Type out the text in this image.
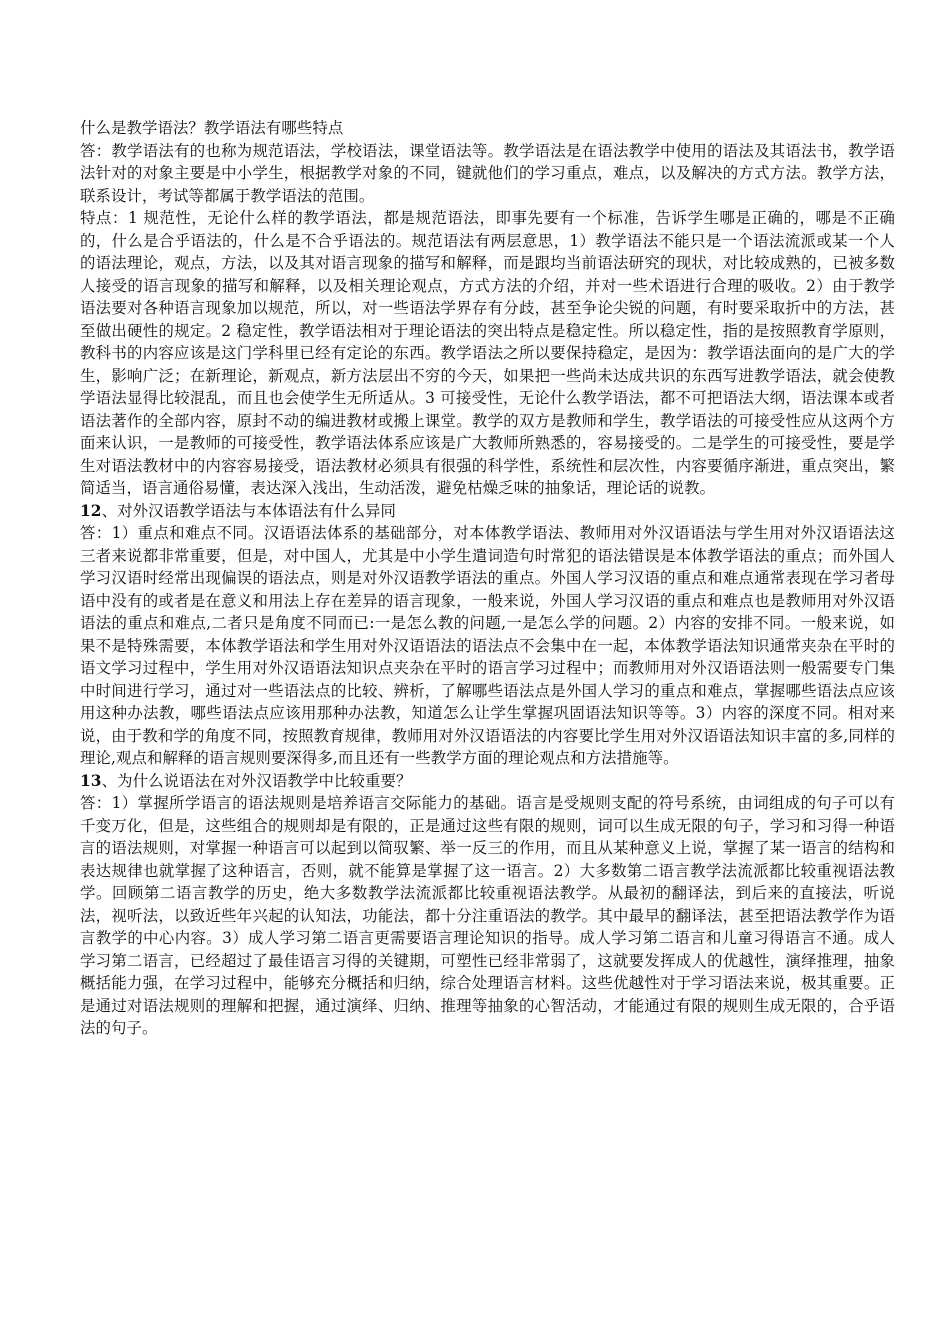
什么是教学语法？教学语法有哪些特点

答：教学语法有的也称为规范语法，学校语法，课堂语法等。教学语法是在语法教学中使用的语法及其语法书，教学语法针对的对象主要是中小学生，根据教学对象的不同，键就他们的学习重点，难点，以及解决的方式方法。教学方法，联系设计，考试等都属于教学语法的范围。

特点：1 规范性，无论什么样的教学语法，都是规范语法，即事先要有一个标准，告诉学生哪是正确的，哪是不正确的，什么是合乎语法的，什么是不合乎语法的。规范语法有两层意思，1）教学语法不能只是一个语法流派或某一个人的语法理论，观点，方法，以及其对语言现象的描写和解释，而是跟均当前语法研究的现状，对比较成熟的，已被多数人接受的语言现象的描写和解释，以及相关理论观点，方式方法的介绍，并对一些术语进行合理的吸收。2）由于教学语法要对各种语言现象加以规范，所以，对一些语法学界存有分歧，甚至争论尖锐的问题，有时要采取折中的方法，甚至做出硬性的规定。2 稳定性，教学语法相对于理论语法的突出特点是稳定性。所以稳定性，指的是按照教育学原则，教科书的内容应该是这门学科里已经有定论的东西。教学语法之所以要保持稳定，是因为：教学语法面向的是广大的学生，影响广泛；在新理论，新观点，新方法层出不穷的今天，如果把一些尚未达成共识的东西写进教学语法，就会使教学语法显得比较混乱，而且也会使学生无所适从。3 可接受性，无论什么教学语法，都不可把语法大纲，语法课本或者语法著作的全部内容，原封不动的编进教材或搬上课堂。教学的双方是教师和学生，教学语法的可接受性应从这两个方面来认识，一是教师的可接受性，教学语法体系应该是广大教师所熟悉的，容易接受的。二是学生的可接受性，要是学生对语法教材中的内容容易接受，语法教材必须具有很强的科学性，系统性和层次性，内容要循序渐进，重点突出，繁简适当，语言通俗易懂，表达深入浅出，生动活泼，避免枯燥乏味的抽象话，理论话的说教。

12、对外汉语教学语法与本体语法有什么异同

答：1）重点和难点不同。汉语语法体系的基础部分，对本体教学语法、教师用对外汉语语法与学生用对外汉语语法这三者来说都非常重要，但是，对中国人，尤其是中小学生遣词造句时常犯的语法错误是本体教学语法的重点；而外国人学习汉语时经常出现偏误的语法点，则是对外汉语教学语法的重点。外国人学习汉语的重点和难点通常表现在学习者母语中没有的或者是在意义和用法上存在差异的语言现象，一般来说，外国人学习汉语的重点和难点也是教师用对外汉语语法的重点和难点,二者只是角度不同而已:一是怎么教的问题,一是怎么学的问题。2）内容的安排不同。一般来说，如果不是特殊需要，本体教学语法和学生用对外汉语语法的语法点不会集中在一起，本体教学语法知识通常夹杂在平时的语文学习过程中，学生用对外汉语语法知识点夹杂在平时的语言学习过程中；而教师用对外汉语语法则一般需要专门集中时间进行学习，通过对一些语法点的比较、辨析，了解哪些语法点是外国人学习的重点和难点，掌握哪些语法点应该用这种办法教，哪些语法点应该用那种办法教，知道怎么让学生掌握巩固语法知识等等。3）内容的深度不同。相对来说，由于教和学的角度不同，按照教育规律，教师用对外汉语语法的内容要比学生用对外汉语语法知识丰富的多,同样的理论,观点和解释的语言规则要深得多,而且还有一些教学方面的理论观点和方法措施等。

13、为什么说语法在对外汉语教学中比较重要？

答：1）掌握所学语言的语法规则是培养语言交际能力的基础。语言是受规则支配的符号系统，由词组成的句子可以有千变万化，但是，这些组合的规则却是有限的，正是通过这些有限的规则，词可以生成无限的句子，学习和习得一种语言的语法规则，对掌握一种语言可以起到以简驭繁、举一反三的作用，而且从某种意义上说，掌握了某一语言的结构和表达规律也就掌握了这种语言，否则，就不能算是掌握了这一语言。2）大多数第二语言教学法流派都比较重视语法教学。回顾第二语言教学的历史，绝大多数教学法流派都比较重视语法教学。从最初的翻译法，到后来的直接法，听说法，视听法，以致近些年兴起的认知法，功能法，都十分注重语法的教学。其中最早的翻译法，甚至把语法教学作为语言教学的中心内容。3）成人学习第二语言更需要语言理论知识的指导。成人学习第二语言和儿童习得语言不通。成人学习第二语言，已经超过了最佳语言习得的关键期，可塑性已经非常弱了，这就要发挥成人的优越性，演绎推理，抽象概括能力强，在学习过程中，能够充分概括和归纳，综合处理语言材料。这些优越性对于学习语法来说，极其重要。正是通过对语法规则的理解和把握，通过演绎、归纳、推理等抽象的心智活动，才能通过有限的规则生成无限的，合乎语法的句子。
